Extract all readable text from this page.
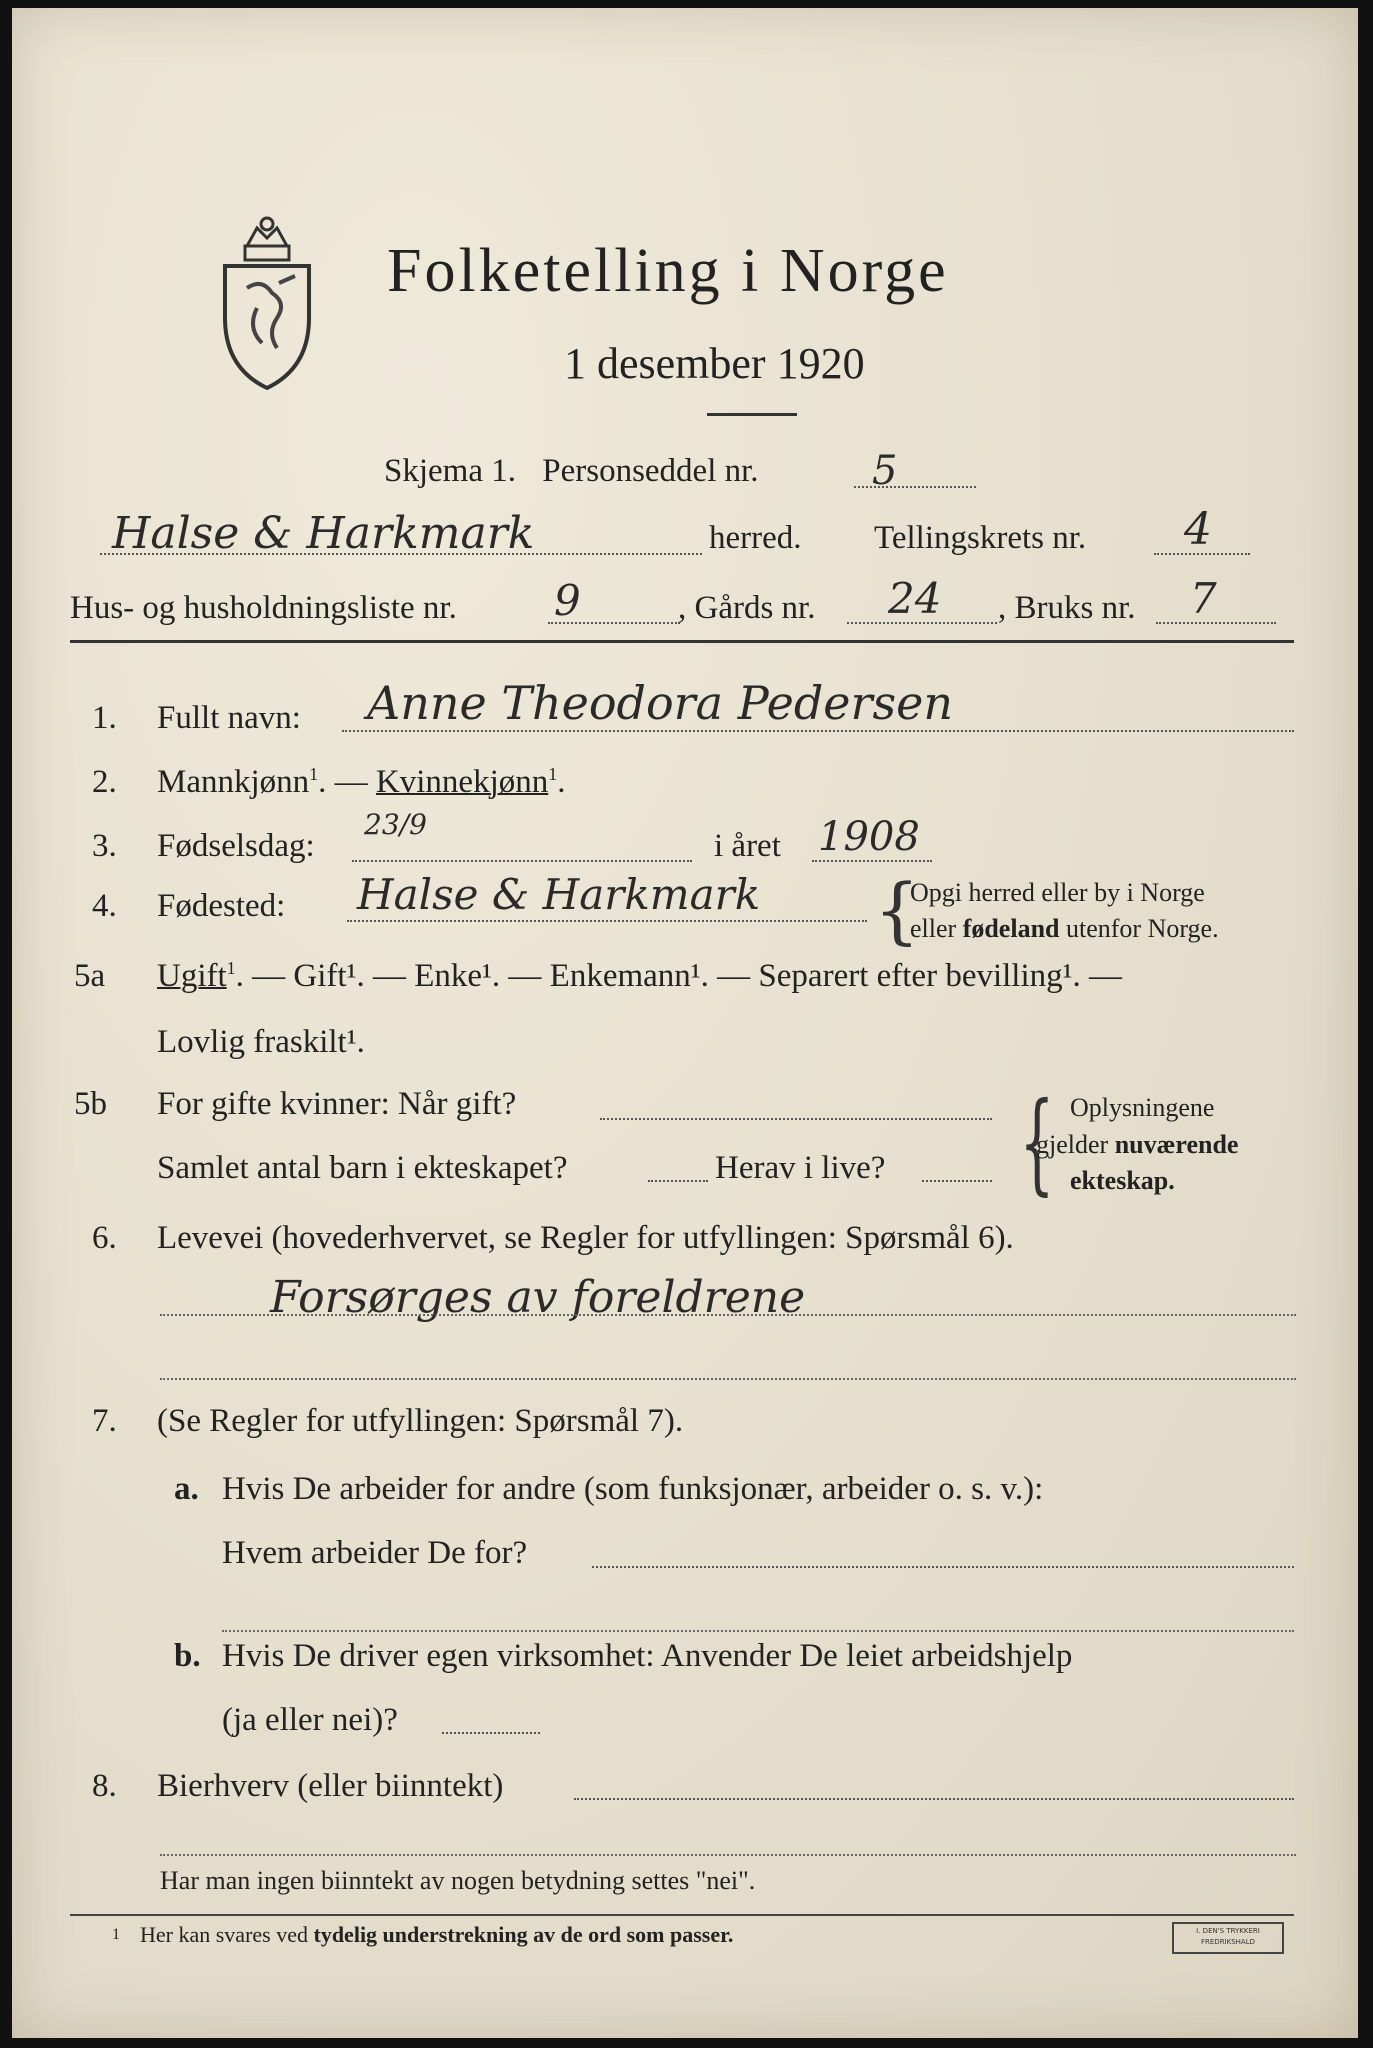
Folketelling i Norge
1 desember 1920
Skjema 1. Personseddel nr.	5
Halse & Harkmark	herred. Tellingskrets nr. 4
Hus- og husholdningsliste nr. 9	, Gårds nr. 24 , Bruks nr. 7
1. Fullt navn: Anne Theodora Pedersen
2. Mannkjønn$^1$. — Kvinnekjønn$^1$.
3. Fødselsdag:
23/9
i året 1908
4. Fødested: Halse & Harkmark {
Opgi herred eller by i Norge
eller fødeland utenfor Norge.
5a Ugift$^1$. — Gift¹. — Enke¹. — Enkemann¹. — Separert efter bevilling¹. —
Lovlig fraskilt¹.
5b For gifte kvinner: Når gift?
Samlet antal barn i ekteskapet?	Herav i live? { Oplysningene
gjelder nuværende
ekteskap.
6. Levevei (hovederhvervet, se Regler for utfyllingen: Spørsmål 6).
Forsørges av foreldrene
7. (Se Regler for utfyllingen: Spørsmål 7).
a. Hvis De arbeider for andre (som funksjonær, arbeider o. s. v.):
Hvem arbeider De for?
b. Hvis De driver egen virksomhet: Anvender De leiet arbeidshjelp
(ja eller nei)?
8. Bierhverv (eller biinntekt)
Har man ingen biinntekt av nogen betydning settes "nei".
1 Her kan svares ved tydelig understrekning av de ord som passer.	I. DEN'S TRYKKERI
FREDRIKSHALD
